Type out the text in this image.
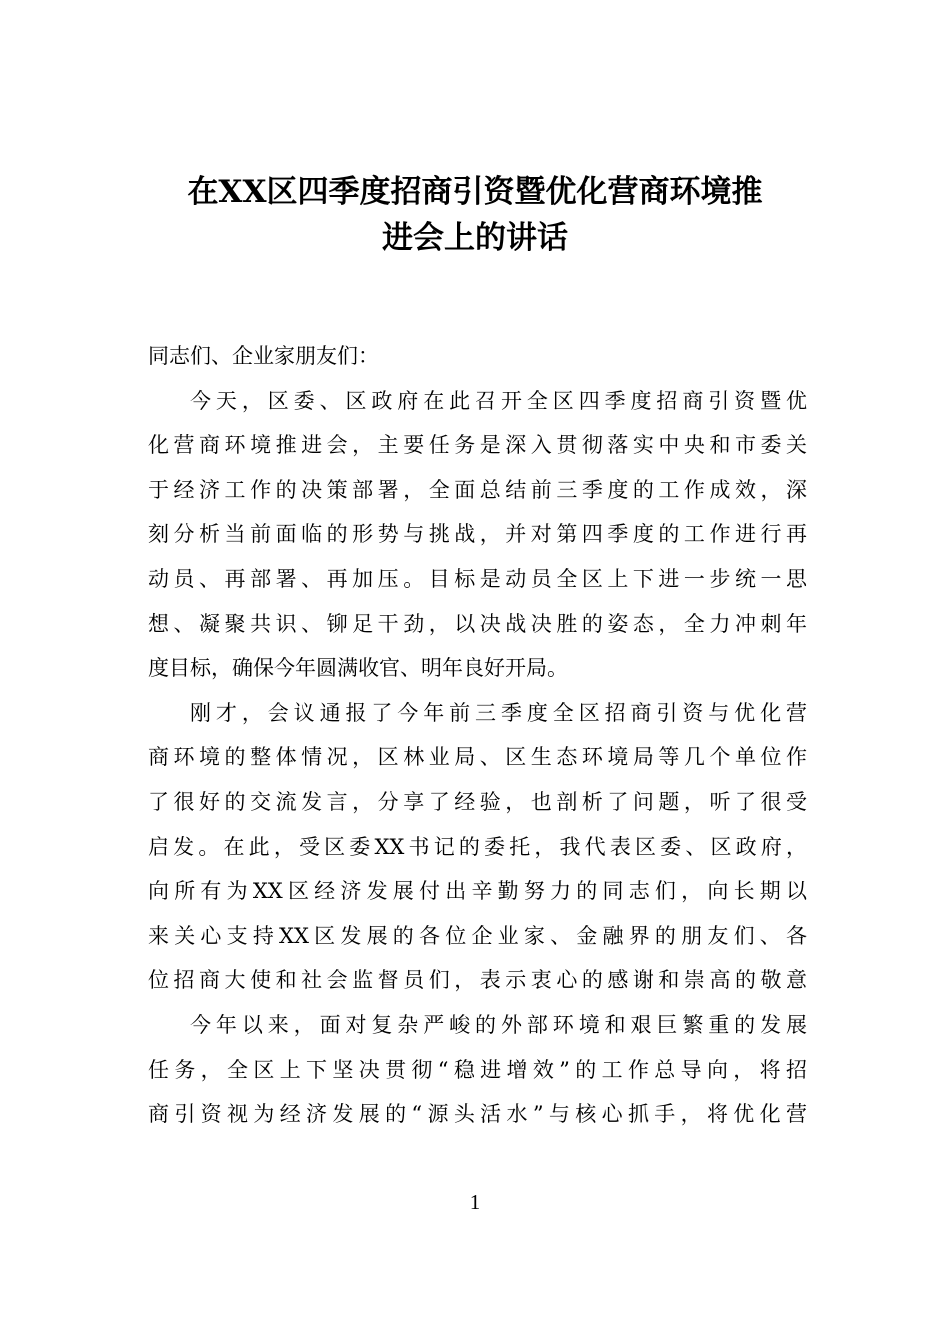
在XX区四季度招商引资暨优化营商环境推
进会上的讲话
同志们、企业家朋友们：
今天，区委、区政府在此召开全区四季度招商引资暨优
化营商环境推进会，主要任务是深入贯彻落实中央和市委关
于经济工作的决策部署，全面总结前三季度的工作成效，深
刻分析当前面临的形势与挑战，并对第四季度的工作进行再
动员、再部署、再加压。目标是动员全区上下进一步统一思
想、凝聚共识、铆足干劲，以决战决胜的姿态，全力冲刺年
度目标，确保今年圆满收官、明年良好开局。
刚才，会议通报了今年前三季度全区招商引资与优化营
商环境的整体情况，区林业局、区生态环境局等几个单位作
了很好的交流发言，分享了经验，也剖析了问题，听了很受
启发。在此，受区委XX书记的委托，我代表区委、区政府，
向所有为XX区经济发展付出辛勤努力的同志们，向长期以
来关心支持XX区发展的各位企业家、金融界的朋友们、各
位招商大使和社会监督员们，表示衷心的感谢和崇高的敬意
今年以来，面对复杂严峻的外部环境和艰巨繁重的发展
任务，全区上下坚决贯彻“稳进增效”的工作总导向，将招
商引资视为经济发展的“源头活水”与核心抓手，将优化营
1
